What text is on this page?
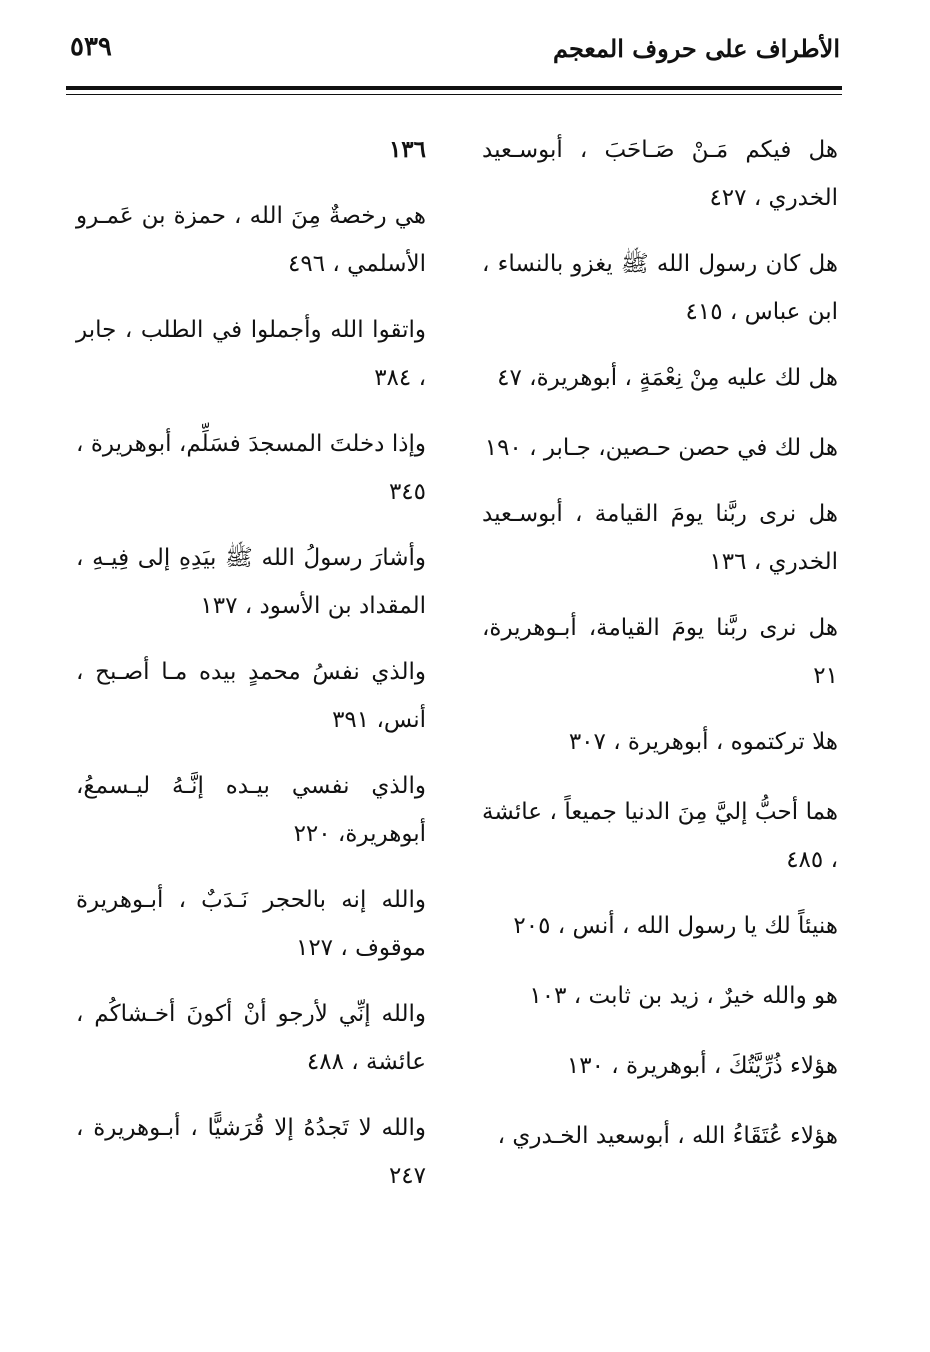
الأطراف على حروف المعجم
٥٣٩
هل فيكم مَـنْ صَـاحَبَ ، أبوسـعيد الخدري ، ٤٢٧
هل كان رسول الله ﷺ يغزو بالنساء ، ابن عباس ، ٤١٥
هل لك عليه مِنْ نِعْمَةٍ ، أبوهريرة، ٤٧
هل لك في حصن حـصين، جـابر ، ١٩٠
هل نرى ربَّنا يومَ القيامة ، أبوسـعيد الخدري ، ١٣٦
هل نرى ربَّنا يومَ القيامة، أبـوهريرة، ٢١
هلا تركتموه ، أبوهريرة ، ٣٠٧
هما أحبُّ إليَّ مِنَ الدنيا جميعاً ، عائشة ، ٤٨٥
هنيئاً لك يا رسول الله ، أنس ، ٢٠٥
هو والله خيرٌ ، زيد بن ثابت ، ١٠٣
هؤلاء ذُرِّيَّتُكَ ، أبوهريرة ، ١٣٠
هؤلاء عُتَقَاءُ الله ، أبوسعيد الخـدري ،
١٣٦
هي رخصةٌ مِنَ الله ، حمزة بن عَمـرو الأسلمي ، ٤٩٦
واتقوا الله وأجملوا في الطلب ، جابر ، ٣٨٤
وإذا دخلتَ المسجدَ فسَلِّم، أبوهريرة ، ٣٤٥
وأشارَ رسولُ الله ﷺ بيَدِهِ إلى فِيـهِ ، المقداد بن الأسود ، ١٣٧
والذي نفسُ محمدٍ بيده مـا أصـبح ، أنس، ٣٩١
والذي نفسي بيـده إنَّـهُ ليـسمعُ، أبوهريرة، ٢٢٠
والله إنه بالحجر نَـدَبٌ ، أبـوهريرة موقوف ، ١٢٧
والله إنِّي لأرجو أنْ أكونَ أخـشاكُم ، عائشة ، ٤٨٨
والله لا تَجدُهُ إلا قُرَشيًّا ، أبـوهريرة ، ٢٤٧
